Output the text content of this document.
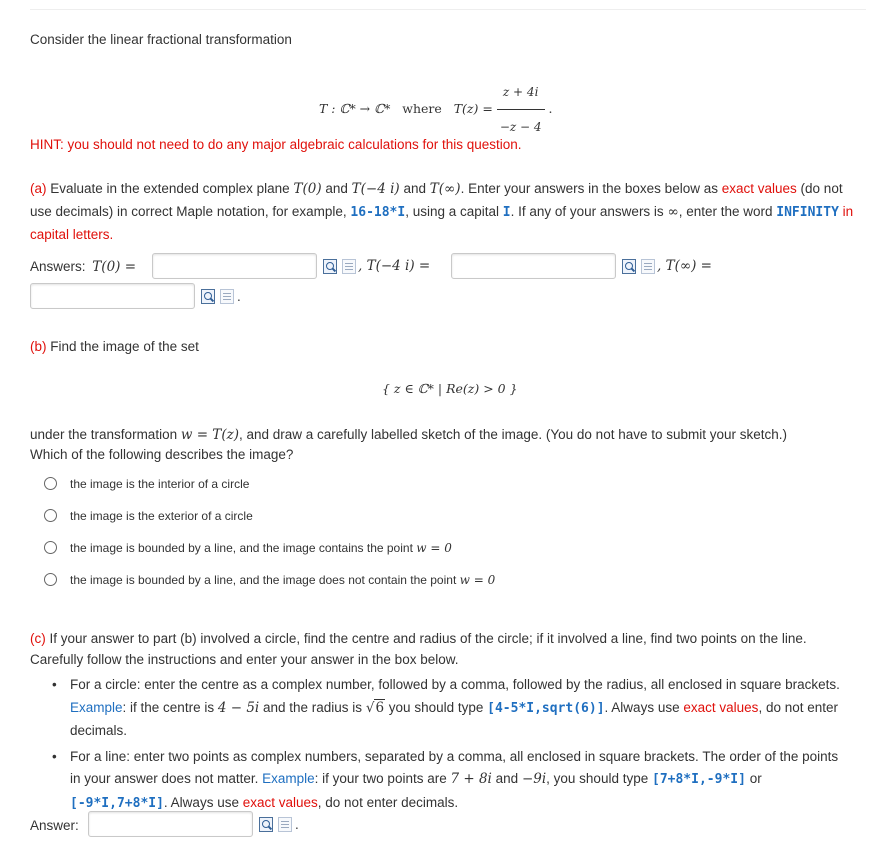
Consider the linear fractional transformation
T : ℂ* → ℂ* where $T(z) = \frac{z + 4i}{-z - 4}$ .
HINT: you should not need to do any major algebraic calculations for this question.

(a) Evaluate in the extended complex plane T(0) and T(−4 i) and T(∞). Enter your answers in the boxes below as exact values (do not use decimals) in correct Maple notation, for example, 16-18*I, using a capital I. If any of your answers is ∞, enter the word INFINITY in capital letters.

Answers: T(0) =	, T(−4 i) =	, T(∞) =
.
(b) Find the image of the set
{ z ∈ ℂ* | Re(z) > 0 }

under the transformation w = T(z), and draw a carefully labelled sketch of the image. (You do not have to submit your sketch.)
Which of the following describes the image?

the image is the interior of a circle
the image is the exterior of a circle
the image is bounded by a line, and the image contains the point w = 0
the image is bounded by a line, and the image does not contain the point w = 0

(c) If your answer to part (b) involved a circle, find the centre and radius of the circle; if it involved a line, find two points on the line.
Carefully follow the instructions and enter your answer in the box below.

• For a circle: enter the centre as a complex number, followed by a comma, followed by the radius, all enclosed in square brackets. Example: if the centre is 4 − 5i and the radius is √6 you should type [4-5*I,sqrt(6)]. Always use exact values, do not enter decimals.
• For a line: enter two points as complex numbers, separated by a comma, all enclosed in square brackets. The order of the points in your answer does not matter. Example: if your two points are 7 + 8i and −9i, you should type [7+8*I,-9*I] or [-9*I,7+8*I]. Always use exact values, do not enter decimals.
Answer:	.
